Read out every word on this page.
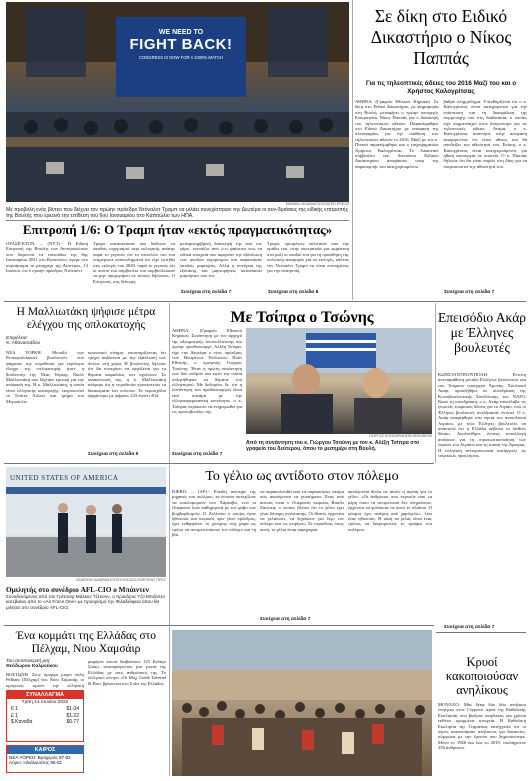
WE NEED TO
FIGHT BACK!
CONGRESS IS NOW FOR A 1000% MATCH
MANDEL NGAN/ASSOCIATED PRESS
Με προβολή ενός βίντεο που δείχνει τον πρώην πρόεδρο Ντόναλντ Τραμπ να μιλάει συνεχίστηκαν την Δευτέρα οι συν-δριάσεις της ειδικής επιτροπής της Βουλής που ερευνά την επίθεση του 6ου Ιανουαρίου στο Καπιτώλιο των ΗΠΑ.
Επιτροπή 1/6: Ο Τραμπ ήταν «εκτός πραγματικότητας»
ΟΥΑΣΙΓΚΤΟΝ. – (ΝΥΤ).- Η Ειδική Επιτροπή της Βουλής των Αντιπροσώπων που διερευνά τα επεισόδια της 6ης Ιανουαρίου 2021 στο Καπιτώλιο, έφερε στο συρτάρισμα το μεσημέρι της Δευτέρας, 13 Ιουνίου, ότι ο πρώην πρόεδρος Ντόναλντ
Τραμπ κατασκεύασε και διέδωσε τα ψευδείς ισχυρισμοί περί εκλογικής απάτης παρά το γεγονός ότι το επιτελείο του του ενημέρωσε επανειλημμένα ότι είχε ηττηθεί στις εκλογές του 2020, παρά το γεγονός ότι οι πιστοί του σύμβουλοι του συμβούλευσαν να μην προχωρήσει σε τέτοιες δηλώσεις. Ο Επιτροπή, στη δεύτερη
μεταμεσημβρινή διάσκεψή της από τον γάμο, εντοπίζει από ό,τι φαίνεται πως τα ειδικά στοιχεία που αφορούν την εξάπλωση των ψευδών ισχυρισμών και παρουσίασε ψευδείς μαρτυρίες. Αλλά η συνέχεια της εξέτασης και μαρτυρήσεις κατατάσσει μαρτύριον που τον
Τραμπ, ορισμένων πολιτικών από την ομάδα του, στην εκστρατεία για εμφάνιση στα μαζί οι οπαδοί του για τη προώθηση της πολιτικής αναφοράς για τις εκλογές, κάλεσε τον Ντόναλντ Τραμπ να είναι ευνοημένος για την ανατροπή.
Συνέχεια στη σελίδα 7	Συνέχεια στη σελίδα 8
Σε δίκη στο Ειδικό Δικαστήριο ο Νίκος Παππάς
Για τις τηλεοπτικές άδειες του 2016 Μαζί του και ο Χρήστος Καλογρίτσας
ΑΘΗΝΑ. (Γραφείο Εθνικού Κήρυκα). Σε δίκη στο Ειδικό Δικαστήριο, με ψηφοφορία στη Βουλή, μεταφέρει ο πρώην υπουργός Επικρατείας Νίκος Παππάς για ο διάσκεψη του τηλεοπτικών αδειών. Παραπέμφθηκε στο Ειδικό Δικαστήριο με απόφαση της πλειοψηφίας για την υπόθεση των τηλεοπτικών αδειών το 2016. Μαζί με τον κ. Παππά παραπέμφθηκε και ο επιχειρηματίας Χρήστος Καλογρίτσας. Το δικαστικό συμβούλιο του Ανωτάτου Ειδικού Δικαστηρίου αποφάσισε υπέρ της παραπομπής του κατηγορουμένου.
βαθμό πλημμέλημα. Υπενθυμίζεται ότι ο κ. Καλογρίτσας είναι κατηγορείται για την επίσπευση και τη διασφάλιση της συμμετοχής του στη διαδικασία, ο οποίος είχε συμμετάσχει στον διαγωνισμό για τις τηλεοπτικές άδειες. Ανάμα, ο κ. Καλογρίτσας απάντησε στην απόφαση αναφέροντας ότι είναι αθώος και θα αποδείξει την αθωότητά του. Επίσης, ο κ. Καλογρίτσας είναι κατηγορούμενος για ηθική αυτουργία σε απιστία. Ο κ. Παππάς δήλωσε ότι θα είναι παρών στη δίκη για να υπερασπιστεί την αθωότητά του.
Συνέχεια στη σελίδα 7
Η Μαλλιωτάκη ψήφισε μέτρα ελέγχου της οπλοκατοχής
Επιμέλεια:
Χ. Αθανασιάδου
ΝΕΑ ΥΟΡΚΗ. Μεταξύ των Ρεπουμπλικανών βουλευτών που ψήφισαν την νομοθεσία για ευρύτερο έλεγχο της οπλοκατοχής ήταν η βουλευτής της Νέας Υόρκης Νικόλ Μαλλιωτάκη που δέχτηκε κριτική για την απόφασή της. Η κ. Μαλλιωτάκη, η οποία είναι ελληνικής καταγωγής, εκπροσωπεί το Στάτεν Άιλαντ και τμήμα του Μπρούκλιν.
κοινωνικό κίνημα, υποστηρίζοντας ότι τρέχει αυξάνεται με την εξάπλωση των όπλων στη χώρα. Η βουλευτής δήλωσε ότι θα συνεχίσει να εργάζεται για τα θέματα ασφαλείας των σχολείων. Σε ανακοίνωσή της, η κ. Μαλλιωτάκη ανέφερε ότι η νομοθεσία προστατεύει τα δικαιώματα των πολιτών. Το νομοσχέδιο ψηφίστηκε με ψήφους 223 έναντι 204.
Συνέχεια στη σελίδα 5
Με Τσίπρα ο Τσώνης
ΑΘΗΝΑ. (Γραφείο Εθνικού Κήρυκα). Συνάντηση με τον αρχηγό της αξιωματικής αντιπολίτευσης και πρώην πρωθυπουργό, Αλέξη Τσίπρα, είχε την Δευτέρα ο νέος πρόεδρος των Ηνωμένων Πολιτειών Πούτ Εθνικής, ο ομογενής Γιώργος Τσούνης. Ήταν η πρώτη συνάντηση των δύο ανδρών και κατά την οποία συζητήθηκαν τα θέματα του ελληνισμού. Με δεδομένο δε, ότι η συνάντηση των πρωθυπουργών είναι εκεί συνάμα με την ελληνοαμερικανική κοινότητα, ο κ. Τσίπρας επρόκειτο να ενημερωθεί για τις πρωτοβουλίες της.
Συνέχεια στη σελίδα 7
ΓΙΩΡΓΟΣ ΚΟΝΤΑΡΙΝΗΣ/EUROKINISSI
Από τη συνάντηση του κ. Γιώργου Τσούνη με τον κ. Αλέξη Τσίπρα στο γραφείο του δεύτερου, όπου το μεσημέρι στη Βουλή.
Επεισόδιο Ακάρ με Έλληνες βουλευτές
ΚΩΝΣΤΑΝΤΙΝΟΥΠΟΛΗ. Εντονη αντιπαράθεση μεταξύ Ελλήνων βουλευτών και του Τούρκου υπουργού Άμυνας, Χουλουσί Ακάρ, προκλήθηκε σε συνεδρίαση της Κοινοβουλευτικής Συνέλευσης του ΝΑΤΟ. Κατά τη συνεδρίαση, ο κ. Ακάρ επανέλαβε τις γνωστές τουρκικές θέσεις για το Αιγαίο, ενώ οι Έλληνες βουλευτές αντέδρασαν έντονα. Ο κ. Ακάρ αναφέρθηκε στα νησιά του ανατολικού Αιγαίου, με τους Έλληνες βουλευτές να απαντούν ότι η Ελλάδα σέβεται το διεθνές δίκαιο. Ακολούθησε έντονη ανταλλαγή απόψεων για τη στρατιωτικοποίηση των νησιών του Αιγαίου και τη στάση της Άγκυρας. Η ελληνική αντιπροσωπεία κατήγγειλε τις τουρκικές προκλήσεις.
Συνέχεια στη σελίδα 7
UNITED STATES OF AMERICA
ΣΑΜΟΥΗΛ ΑΜΑΡΑΝΤΟΠΟΥΛΟΣ/ΑΣΣΟΣΙΕΪΤΕΝΤ ΠΡΕΣ
Ομιλητής στο συνέδριο AFL-CIO ο Μπάιντεν
Συνοδευόμενος από τον Γρέτσιαρ Μάλκον Τζέκσον, ο πρόεδρος Τζο Μπάιντεν κατεβαίνει από το «Air Force One» με προορισμό την Φιλαδέλφεια όπου θα μιλήσει στο συνέδριο AFL-CIO.
Το γέλιο ως αντίδοτο στον πόλεμο
ΚΙΕΒΟ. – (ΑΡ).- Επειδή ανέτυχα της μηχανές του πολέμου, τα έντυπα συνεχίζουν να κυκλοφορούν στο Χάρκοβο, ενώ οι Ουκρανοί ζουν καθημερινά με τον φόβο των βομβαρδισμών. Ο Ζελένσκι ο οποίος ήταν ηθοποιός και κωμικός πριν γίνει πρόεδρος, έχει ενθαρρύνει το χιούμορ στη χώρα ως τρόπο να αντιμετωπίσουν τον πόλεμο και τη βία.
να παρακολουθεί από τα παρασκήνια, ακόμα πώς ακούγονται τα χτυπήματα. Ένας από αυτούς είναι ο Ουκρανός κωμικός Βασίλι Ζάιτσεφ, ο οποίος βλέπει ότι το γέλιο έχει γίνει δύναμη αντίστασης. Οι θεατές έρχονται να γελάσουν, να ξεχάσουν για λίγο τον πόλεμο και τις σειρήνες. Σε περιόδους όπως αυτή, το γέλιο είναι παρηγοριά.
ακούγονται δίπλα σε αυτόν η αγάπη για το γέλιο. «Οι άνθρωποι που περνούν από τα μέρη όπου τα αντιμέτωπα δεν πληρώνουν, έρχονται να γελάσουν σε αυτό το πλαίσιο. Ο κόσμος έχει ανάγκη από χαμόγελο», λέει ένας ηθοποιός. Η τάση να γελάς είναι ένας τρόπος να διαχειριστείς το τραύμα του πολέμου.
Συνέχεια στη σελίδα 7
Ένα κομμάτι της Ελλάδας στο Πέλχαμ, Νιου Χαμσάιρ
Του ανταποκριτή μας
Θεόδωρου Καλμούκου
ΒΟΣΤΩΝΗ. Στον όμορφο μικρό πόλη Pelham (Πέλχαμ) του Νιου Χάμσαϊρ, οι ομογενείς τιμούν την ελληνική
ραφέρον κοντά διαβαίνουν 125 Κελάρι Σούκι, αναπαράγοντας μια γωνιά της Ελλάδας με τους ανθρώπους της. Το ελληνικό κέντρο «Οι Μοχ Greek Taverna & Bar» βρίσκεται στο Σπίτι της Ελλάδας.
ΣΥΝΑΛΛΑΓΜΑ
Τρίτη 14 Ιουνίου 2022
€ 1	$1.04
£ 1	$1.22
$ Καναδά	$0.77
ΚΑΙΡΟΣ
ΝΕΑ ΥΟΡΚΗ: Βροχερός 67-82 Αύριο: Ηλιόλουστος 68-81
Κρυοί κακοποιούσαν ανηλίκους
ΜΟΝΑΧΟ. Μία δέκα δύο δύο ανήλικοι ενέργεια στον Γερμανό ιερέα της Καθολικής Εκκλησίας που βιάζουν ανηλίκους για χρόνια εκθέτει κρυμμένα στοιχεία. Η Καθολική Εκκλησία της Γερμανίας κατήγγειλε ότι οι ιερείς κακοποίησαν ανήλικους για δεκαετίες, σύμφωνα με την έρευνα που δημοσιεύτηκε. Μόνο το 1946 και έως το 2019, τουλάχιστον 250 άνθρωποι.
